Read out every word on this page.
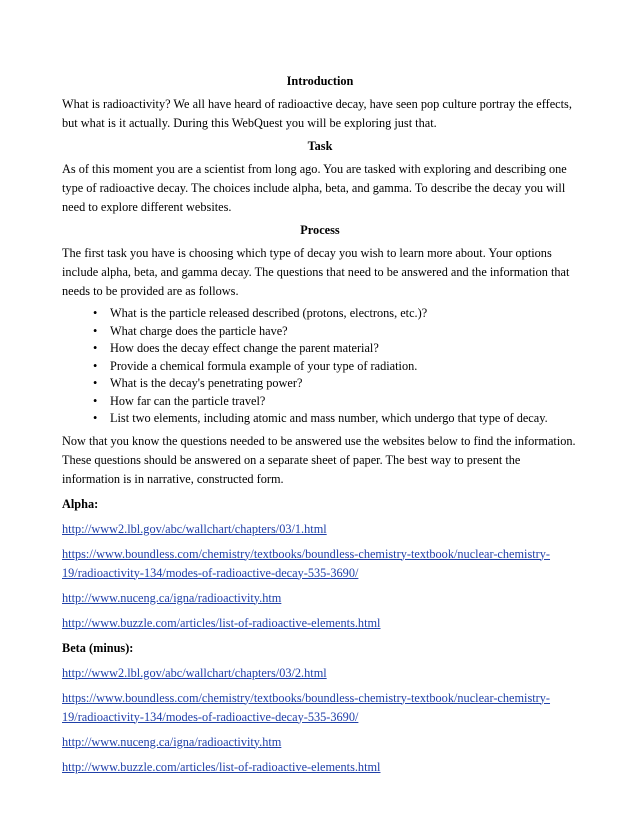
Introduction

What is radioactivity? We all have heard of radioactive decay, have seen pop culture portray the effects, but what is it actually. During this WebQuest you will be exploring just that.

Task

As of this moment you are a scientist from long ago. You are tasked with exploring and describing one type of radioactive decay. The choices include alpha, beta, and gamma. To describe the decay you will need to explore different websites.

Process

The first task you have is choosing which type of decay you wish to learn more about. Your options include alpha, beta, and gamma decay. The questions that need to be answered and the information that needs to be provided are as follows.

• What is the particle released described (protons, electrons, etc.)?
• What charge does the particle have?
• How does the decay effect change the parent material?
• Provide a chemical formula example of your type of radiation.
• What is the decay's penetrating power?
• How far can the particle travel?
• List two elements, including atomic and mass number, which undergo that type of decay.

Now that you know the questions needed to be answered use the websites below to find the information. These questions should be answered on a separate sheet of paper. The best way to present the information is in narrative, constructed form.

Alpha:
http://www2.lbl.gov/abc/wallchart/chapters/03/1.html
https://www.boundless.com/chemistry/textbooks/boundless-chemistry-textbook/nuclear-chemistry-19/radioactivity-134/modes-of-radioactive-decay-535-3690/
http://www.nuceng.ca/igna/radioactivity.htm
http://www.buzzle.com/articles/list-of-radioactive-elements.html
Beta (minus):
http://www2.lbl.gov/abc/wallchart/chapters/03/2.html
https://www.boundless.com/chemistry/textbooks/boundless-chemistry-textbook/nuclear-chemistry-19/radioactivity-134/modes-of-radioactive-decay-535-3690/
http://www.nuceng.ca/igna/radioactivity.htm
http://www.buzzle.com/articles/list-of-radioactive-elements.html
